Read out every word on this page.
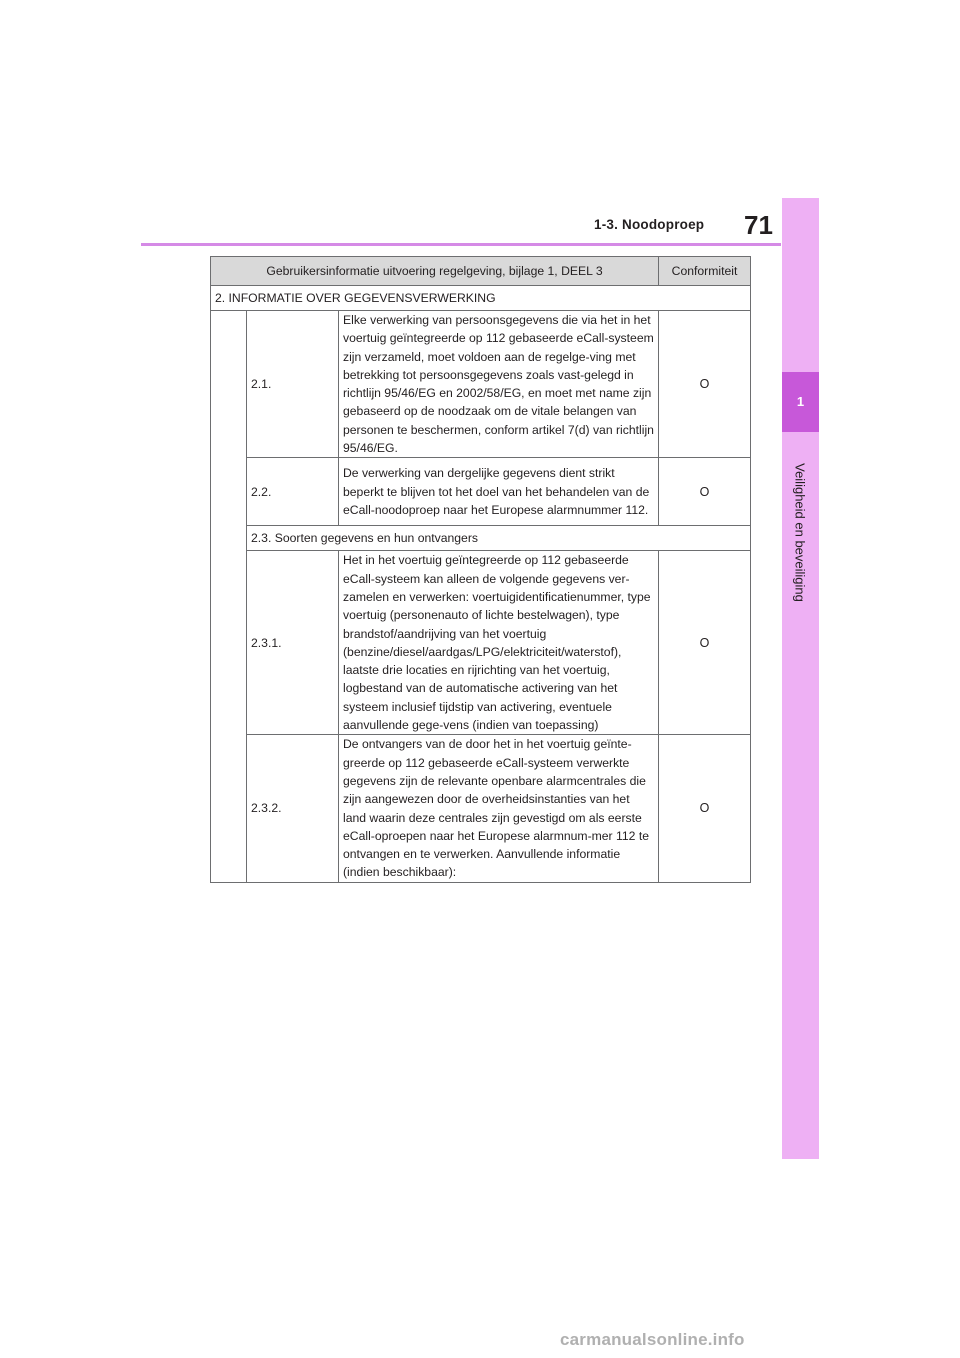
1
Veiligheid en beveiliging
1-3. Noodoproep 71
Gebruikersinformatie uitvoering regelgeving, bijlage 1, DEEL 3			Conformiteit
2. INFORMATIE OVER GEGEVENSVERWERKING			
	2.1.	Elke verwerking van persoonsgegevens die via het in het voertuig geïntegreerde op 112 gebaseerde eCall-systeem zijn verzameld, moet voldoen aan de regelge-ving met betrekking tot persoonsgegevens zoals vast-gelegd in richtlijn 95/46/EG en 2002/58/EG, en moet met name zijn gebaseerd op de noodzaak om de vitale belangen van personen te beschermen, conform artikel 7(d) van richtlijn 95/46/EG.	O
	2.2.	De verwerking van dergelijke gegevens dient strikt beperkt te blijven tot het doel van het behandelen van de eCall-noodoproep naar het Europese alarmnummer 112.	O
	2.3. Soorten gegevens en hun ontvangers		
	2.3.1.	Het in het voertuig geïntegreerde op 112 gebaseerde eCall-systeem kan alleen de volgende gegevens ver-zamelen en verwerken: voertuigidentificatienummer, type voertuig (personenauto of lichte bestelwagen), type brandstof/aandrijving van het voertuig (benzine/diesel/aardgas/LPG/elektriciteit/waterstof), laatste drie locaties en rijrichting van het voertuig, logbestand van de automatische activering van het systeem inclusief tijdstip van activering, eventuele aanvullende gege-vens (indien van toepassing)	O
	2.3.2.	De ontvangers van de door het in het voertuig geïnte-greerde op 112 gebaseerde eCall-systeem verwerkte gegevens zijn de relevante openbare alarmcentrales die zijn aangewezen door de overheidsinstanties van het land waarin deze centrales zijn gevestigd om als eerste eCall-oproepen naar het Europese alarmnum-mer 112 te ontvangen en te verwerken. Aanvullende informatie (indien beschikbaar):	O
carmanualsonline.info
